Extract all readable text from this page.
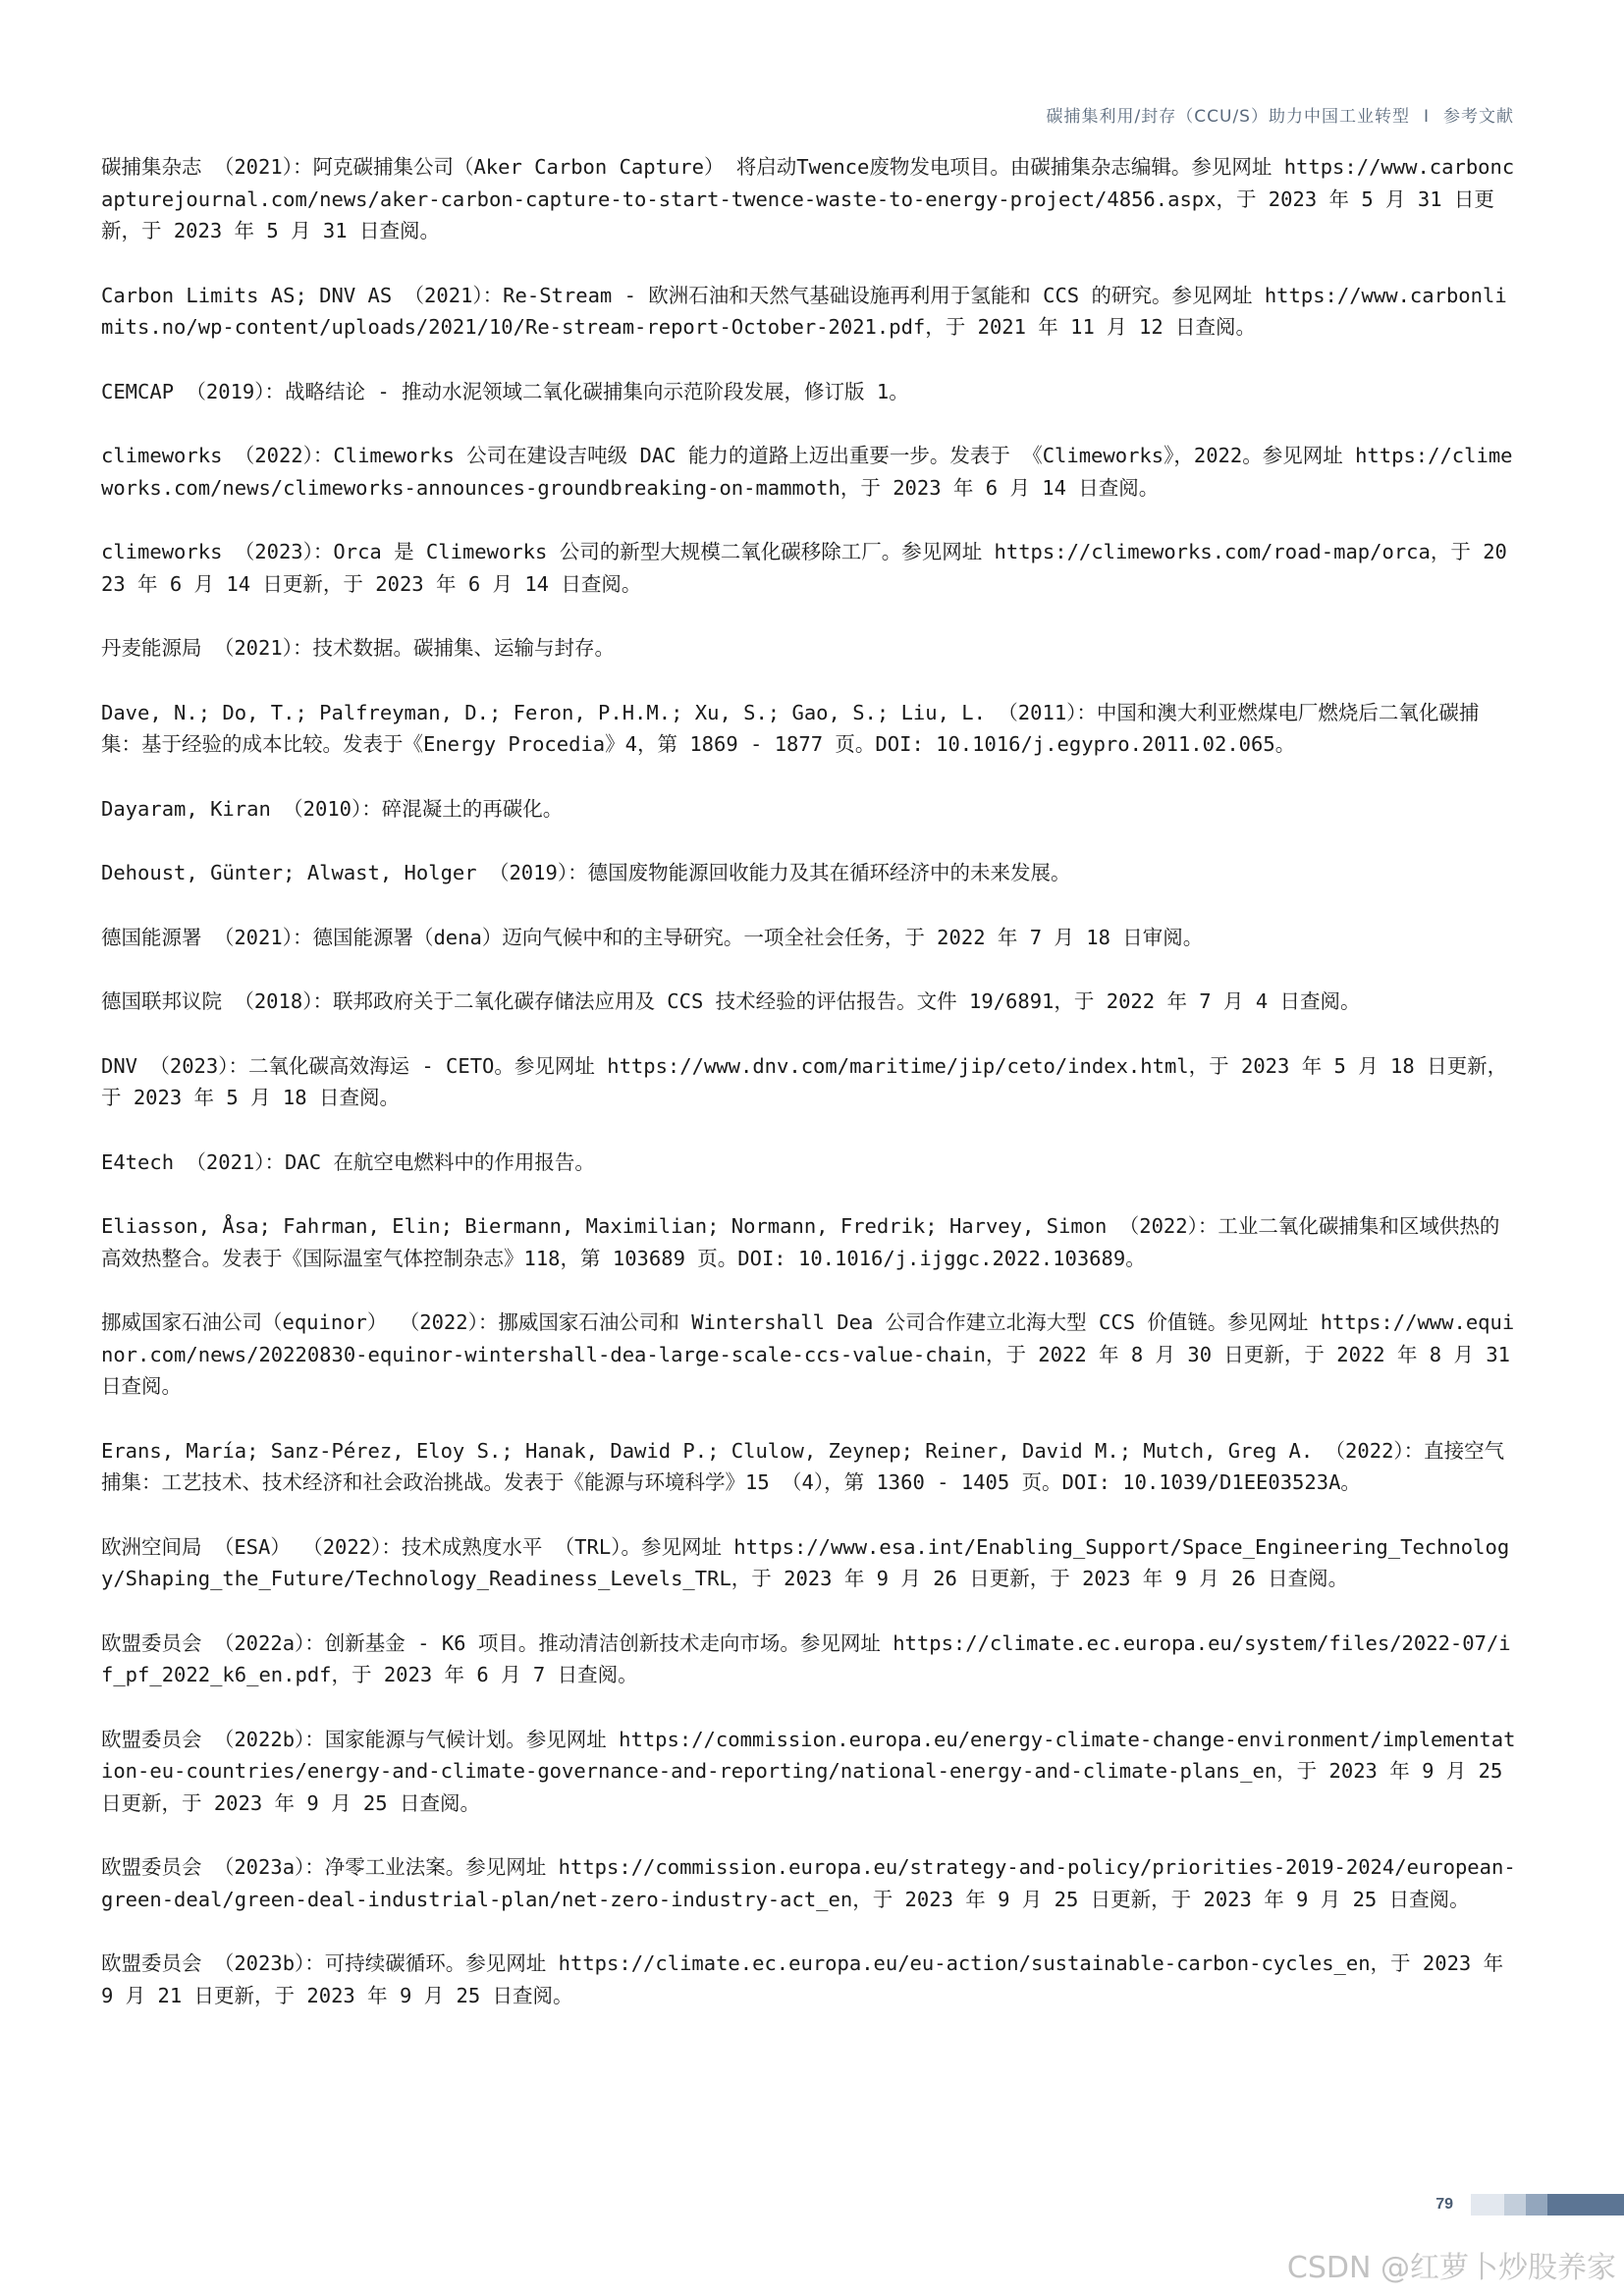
碳捕集利用/封存（CCU/S）助力中国工业转型 I 参考文献

碳捕集杂志 （2021）：阿克碳捕集公司（Aker Carbon Capture） 将启动Twence废物发电项目。由碳捕集杂志编辑。参见网址 https://www.carboncapturejournal.com/news/aker-carbon-capture-to-start-twence-waste-to-energy-project/4856.aspx，于 2023 年 5 月 31 日更新，于 2023 年 5 月 31 日查阅。

Carbon Limits AS; DNV AS （2021）：Re-Stream - 欧洲石油和天然气基础设施再利用于氢能和 CCS 的研究。参见网址 https://www.carbonlimits.no/wp-content/uploads/2021/10/Re-stream-report-October-2021.pdf，于 2021 年 11 月 12 日查阅。

CEMCAP （2019）：战略结论 - 推动水泥领域二氧化碳捕集向示范阶段发展，修订版 1。

climeworks （2022）：Climeworks 公司在建设吉吨级 DAC 能力的道路上迈出重要一步。发表于 《Climeworks》，2022。参见网址 https://climeworks.com/news/climeworks-announces-groundbreaking-on-mammoth，于 2023 年 6 月 14 日查阅。

climeworks （2023）：Orca 是 Climeworks 公司的新型大规模二氧化碳移除工厂。参见网址 https://climeworks.com/road-map/orca，于 2023 年 6 月 14 日更新，于 2023 年 6 月 14 日查阅。

丹麦能源局 （2021）：技术数据。碳捕集、运输与封存。

Dave, N.; Do, T.; Palfreyman, D.; Feron, P.H.M.; Xu, S.; Gao, S.; Liu, L. （2011）：中国和澳大利亚燃煤电厂燃烧后二氧化碳捕集：基于经验的成本比较。发表于《Energy Procedia》4，第 1869 - 1877 页。DOI: 10.1016/j.egypro.2011.02.065。

Dayaram, Kiran （2010）：碎混凝土的再碳化。

Dehoust, Günter; Alwast, Holger （2019）：德国废物能源回收能力及其在循环经济中的未来发展。

德国能源署 （2021）：德国能源署（dena）迈向气候中和的主导研究。一项全社会任务，于 2022 年 7 月 18 日审阅。

德国联邦议院 （2018）：联邦政府关于二氧化碳存储法应用及 CCS 技术经验的评估报告。文件 19/6891，于 2022 年 7 月 4 日查阅。

DNV （2023）：二氧化碳高效海运 - CETO。参见网址 https://www.dnv.com/maritime/jip/ceto/index.html，于 2023 年 5 月 18 日更新，于 2023 年 5 月 18 日查阅。

E4tech （2021）：DAC 在航空电燃料中的作用报告。

Eliasson, Åsa; Fahrman, Elin; Biermann, Maximilian; Normann, Fredrik; Harvey, Simon （2022）：工业二氧化碳捕集和区域供热的高效热整合。发表于《国际温室气体控制杂志》118，第 103689 页。DOI: 10.1016/j.ijggc.2022.103689。

挪威国家石油公司（equinor） （2022）：挪威国家石油公司和 Wintershall Dea 公司合作建立北海大型 CCS 价值链。参见网址 https://www.equinor.com/news/20220830-equinor-wintershall-dea-large-scale-ccs-value-chain，于 2022 年 8 月 30 日更新，于 2022 年 8 月 31 日查阅。

Erans, María; Sanz-Pérez, Eloy S.; Hanak, Dawid P.; Clulow, Zeynep; Reiner, David M.; Mutch, Greg A. （2022）：直接空气捕集：工艺技术、技术经济和社会政治挑战。发表于《能源与环境科学》15 （4），第 1360 - 1405 页。DOI: 10.1039/D1EE03523A。

欧洲空间局 （ESA） （2022）：技术成熟度水平 （TRL）。参见网址 https://www.esa.int/Enabling_Support/Space_Engineering_Technology/Shaping_the_Future/Technology_Readiness_Levels_TRL，于 2023 年 9 月 26 日更新，于 2023 年 9 月 26 日查阅。

欧盟委员会 （2022a）：创新基金 - K6 项目。推动清洁创新技术走向市场。参见网址 https://climate.ec.europa.eu/system/files/2022-07/if_pf_2022_k6_en.pdf，于 2023 年 6 月 7 日查阅。

欧盟委员会 （2022b）：国家能源与气候计划。参见网址 https://commission.europa.eu/energy-climate-change-environment/implementation-eu-countries/energy-and-climate-governance-and-reporting/national-energy-and-climate-plans_en，于 2023 年 9 月 25 日更新，于 2023 年 9 月 25 日查阅。

欧盟委员会 （2023a）：净零工业法案。参见网址 https://commission.europa.eu/strategy-and-policy/priorities-2019-2024/european-green-deal/green-deal-industrial-plan/net-zero-industry-act_en，于 2023 年 9 月 25 日更新，于 2023 年 9 月 25 日查阅。

欧盟委员会 （2023b）：可持续碳循环。参见网址 https://climate.ec.europa.eu/eu-action/sustainable-carbon-cycles_en，于 2023 年 9 月 21 日更新，于 2023 年 9 月 25 日查阅。

79
CSDN @红萝卜炒股养家
